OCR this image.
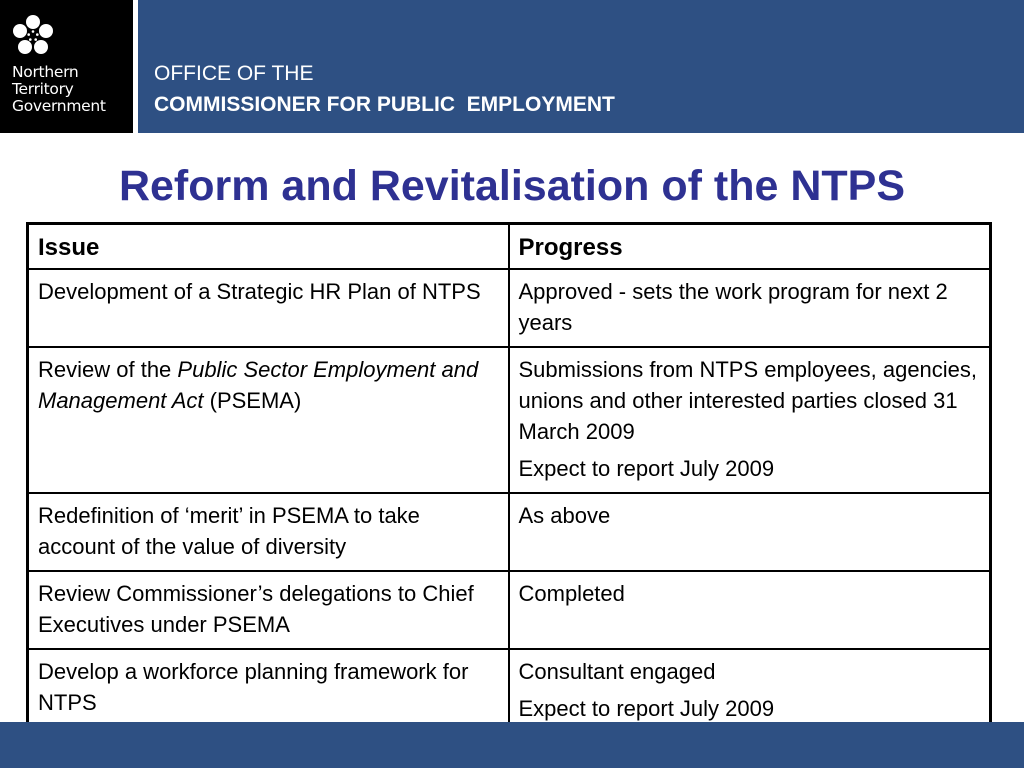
Northern
Territory
Government
OFFICE OF THE
COMMISSIONER FOR PUBLIC  EMPLOYMENT
Reform and Revitalisation of the NTPS
Issue	Progress
Development of a Strategic HR Plan of NTPS	Approved - sets the work program for next 2 years

Review of the Public Sector Employment and Management Act (PSEMA)	Submissions from NTPS employees, agencies, unions and other interested parties closed 31 March 2009

Expect to report July 2009

Redefinition of ‘merit’ in PSEMA to take account of the value of diversity	As above

Review Commissioner’s delegations to Chief Executives under PSEMA	Completed

Develop a workforce planning framework for NTPS	Consultant engaged

Expect to report July 2009
